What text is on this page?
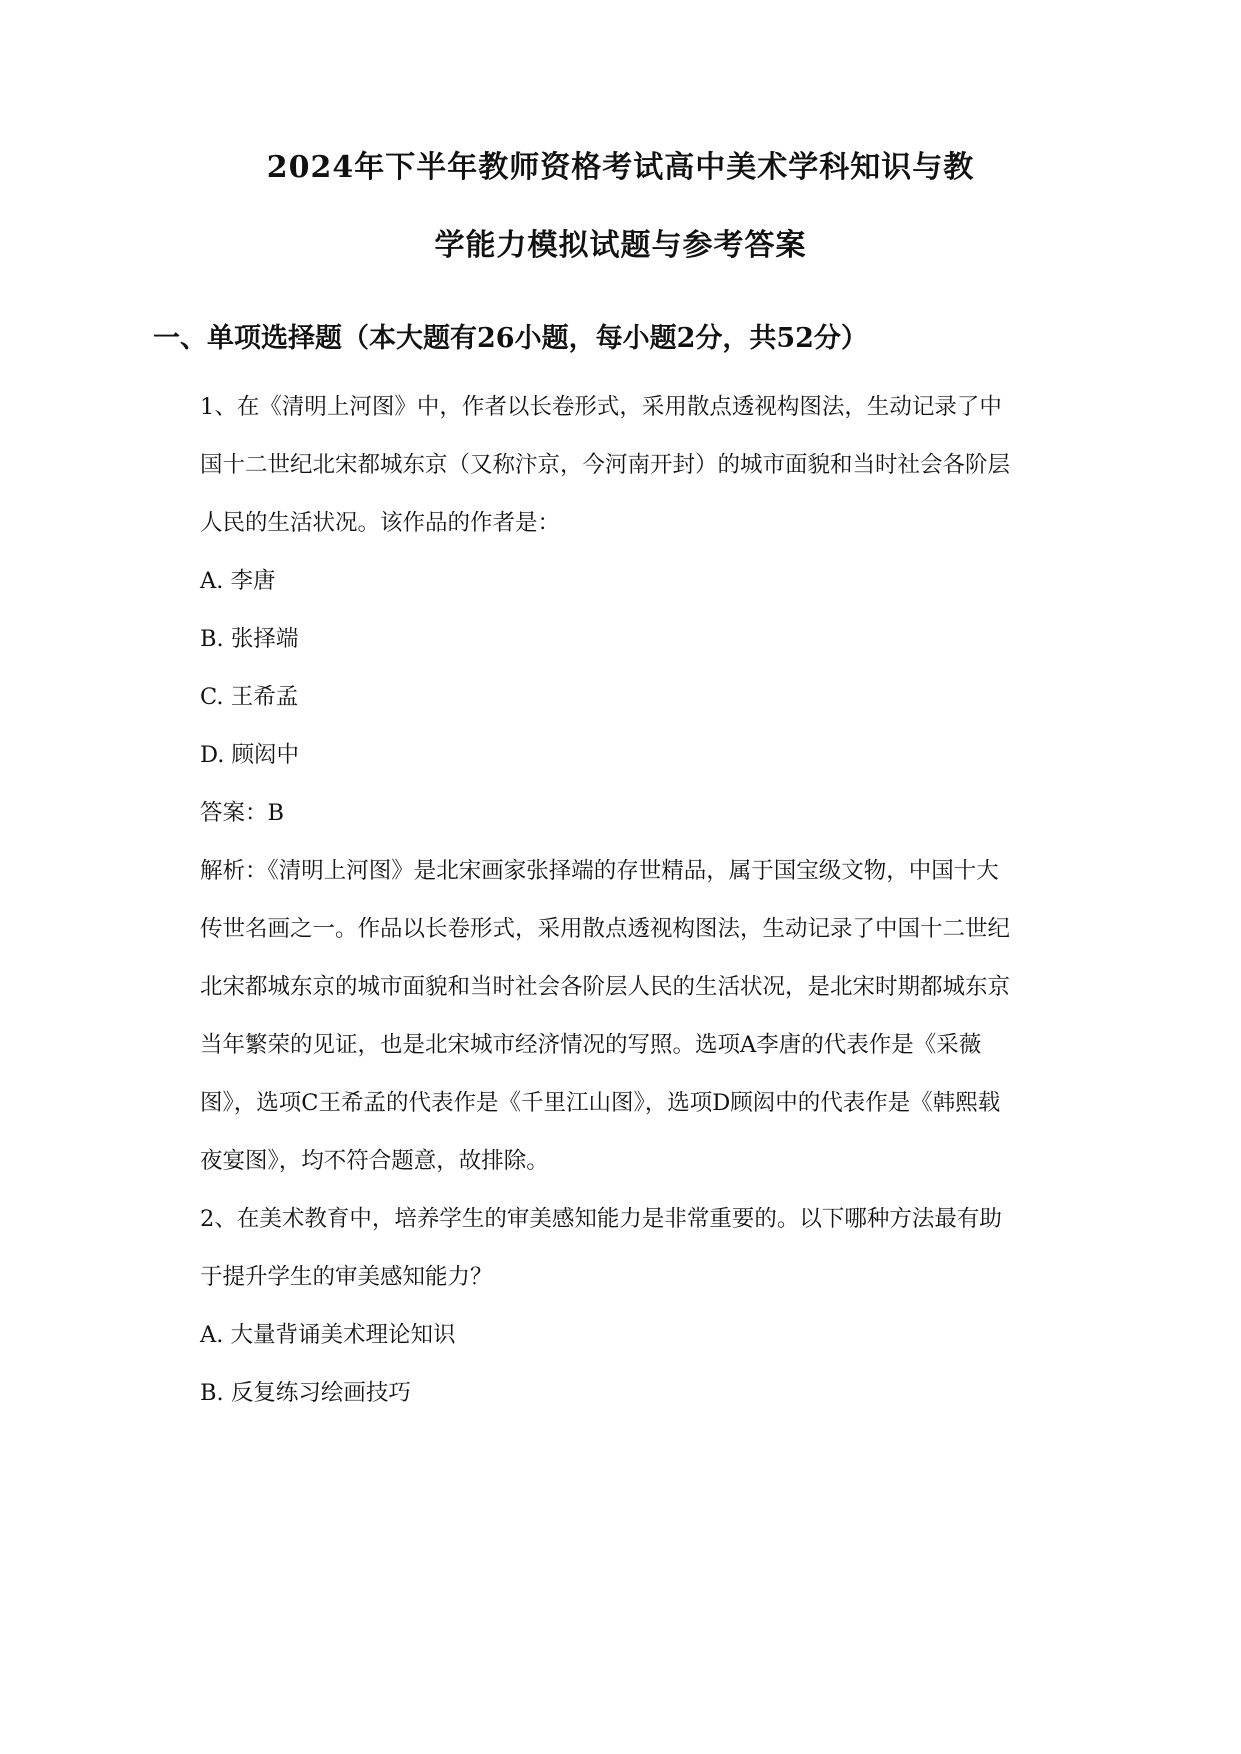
2024年下半年教师资格考试高中美术学科知识与教
学能力模拟试题与参考答案
一、单项选择题（本大题有26小题，每小题2分，共52分）
1、在《清明上河图》中，作者以长卷形式，采用散点透视构图法，生动记录了中
国十二世纪北宋都城东京（又称汴京，今河南开封）的城市面貌和当时社会各阶层
人民的生活状况。该作品的作者是：
A. 李唐
B. 张择端
C. 王希孟
D. 顾闳中
答案：B
解析：《清明上河图》是北宋画家张择端的存世精品，属于国宝级文物，中国十大
传世名画之一。作品以长卷形式，采用散点透视构图法，生动记录了中国十二世纪
北宋都城东京的城市面貌和当时社会各阶层人民的生活状况，是北宋时期都城东京
当年繁荣的见证，也是北宋城市经济情况的写照。选项A李唐的代表作是《采薇
图》，选项C王希孟的代表作是《千里江山图》，选项D顾闳中的代表作是《韩熙载
夜宴图》，均不符合题意，故排除。
2、在美术教育中，培养学生的审美感知能力是非常重要的。以下哪种方法最有助
于提升学生的审美感知能力？
A. 大量背诵美术理论知识
B. 反复练习绘画技巧
